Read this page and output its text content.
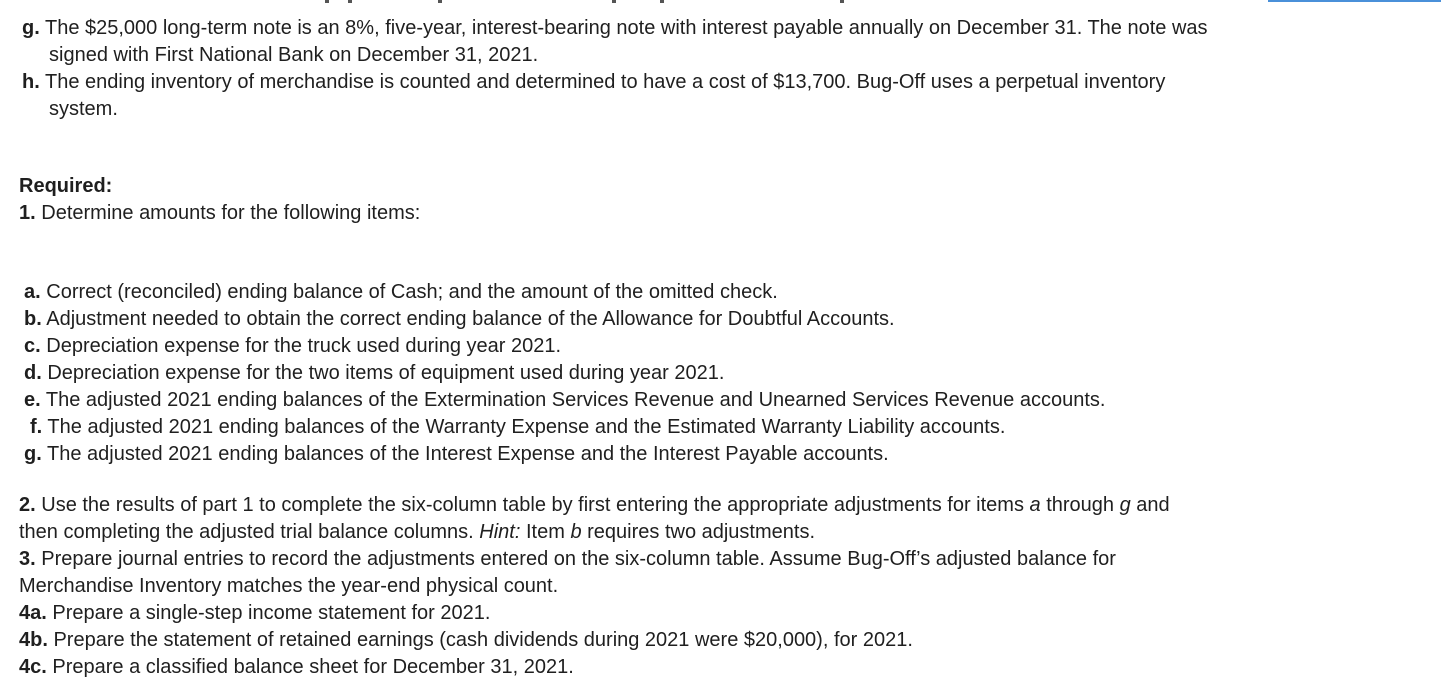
g. The $25,000 long-term note is an 8%, five-year, interest-bearing note with interest payable annually on December 31. The note was

signed with First National Bank on December 31, 2021.

h. The ending inventory of merchandise is counted and determined to have a cost of $13,700. Bug-Off uses a perpetual inventory

system.

Required:

1. Determine amounts for the following items:

a. Correct (reconciled) ending balance of Cash; and the amount of the omitted check.

b. Adjustment needed to obtain the correct ending balance of the Allowance for Doubtful Accounts.

c. Depreciation expense for the truck used during year 2021.

d. Depreciation expense for the two items of equipment used during year 2021.

e. The adjusted 2021 ending balances of the Extermination Services Revenue and Unearned Services Revenue accounts.

f. The adjusted 2021 ending balances of the Warranty Expense and the Estimated Warranty Liability accounts.

g. The adjusted 2021 ending balances of the Interest Expense and the Interest Payable accounts.

2. Use the results of part 1 to complete the six-column table by first entering the appropriate adjustments for items a through g and

then completing the adjusted trial balance columns. Hint: Item b requires two adjustments.

3. Prepare journal entries to record the adjustments entered on the six-column table. Assume Bug-Off’s adjusted balance for

Merchandise Inventory matches the year-end physical count.

4a. Prepare a single-step income statement for 2021.

4b. Prepare the statement of retained earnings (cash dividends during 2021 were $20,000), for 2021.

4c. Prepare a classified balance sheet for December 31, 2021.
